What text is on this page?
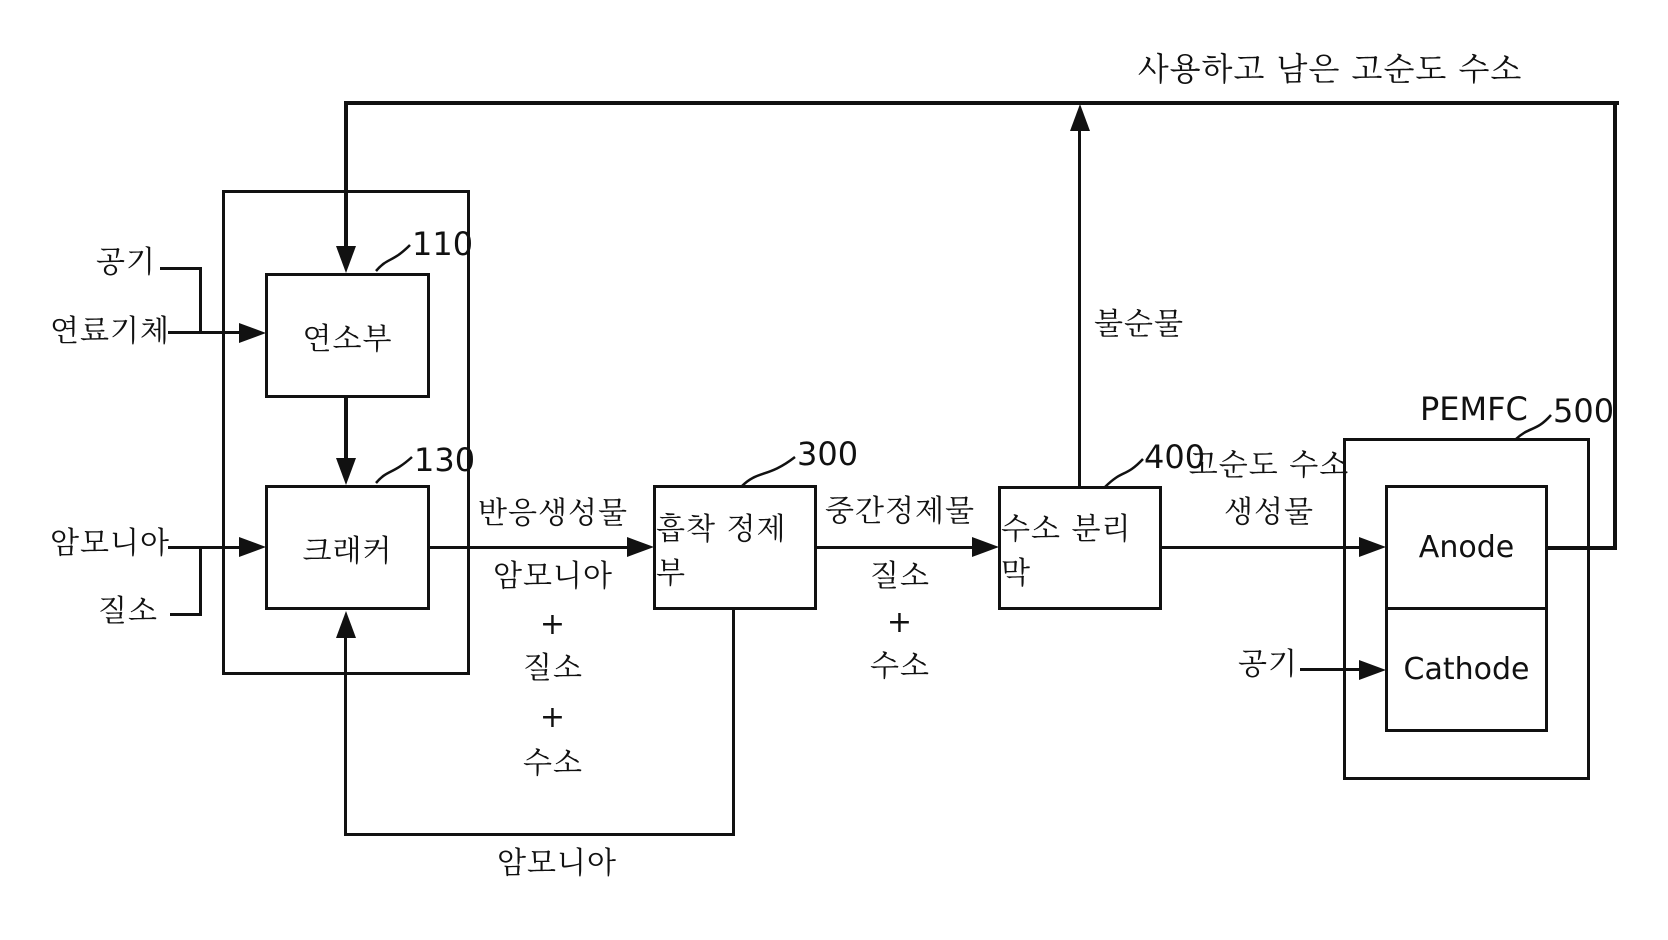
연소부
크래커
흡착 정제부
수소 분리막
Anode
Cathode
110
130	300	400
500
PEMFC
사용하고 남은 고순도 수소
공기
연료기체
암모니아
질소
반응생성물
암모니아
+
질소
+
수소
중간정제물
질소
+
수소
불순물
고순도 수소
생성물
공기
암모니아
